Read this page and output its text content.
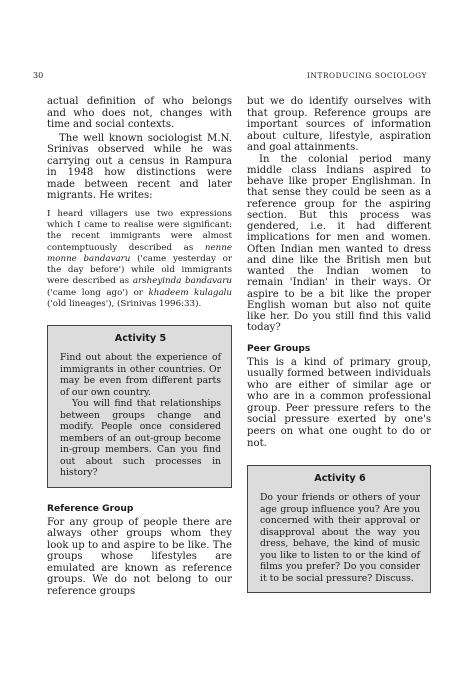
30	INTRODUCING SOCIOLOGY

actual definition of who belongs and who does not, changes with time and social contexts.

The well known sociologist M.N. Srinivas observed while he was carrying out a census in Rampura in 1948 how distinctions were made between recent and later migrants. He writes:

I heard villagers use two expressions which I came to realise were significant: the recent immigrants were almost contemptuously described as nenne monne bandavaru ('came yesterday or the day before') while old immigrants were described as arsheyinda bandavaru ('came long ago') or khadeem kulagalu ('old lineages'), (Srinivas 1996:33).

Activity 5

Find out about the experience of immigrants in other countries. Or may be even from different parts of our own country.

You will find that relationships between groups change and modify. People once considered members of an out-group become in-group members. Can you find out about such processes in history?

Reference Group

For any group of people there are always other groups whom they look up to and aspire to be like. The groups whose lifestyles are emulated are known as reference groups. We do not belong to our reference groups

but we do identify ourselves with that group. Reference groups are important sources of information about culture, lifestyle, aspiration and goal attainments.

In the colonial period many middle class Indians aspired to behave like proper Englishman. In that sense they could be seen as a reference group for the aspiring section. But this process was gendered, i.e. it had different implications for men and women. Often Indian men wanted to dress and dine like the British men but wanted the Indian women to remain 'Indian' in their ways. Or aspire to be a bit like the proper English woman but also not quite like her. Do you still find this valid today?

Peer Groups

This is a kind of primary group, usually formed between individuals who are either of similar age or who are in a common professional group. Peer pressure refers to the social pressure exerted by one's peers on what one ought to do or not.

Activity 6

Do your friends or others of your age group influence you? Are you concerned with their approval or disapproval about the way you dress, behave, the kind of music you like to listen to or the kind of films you prefer? Do you consider it to be social pressure? Discuss.
